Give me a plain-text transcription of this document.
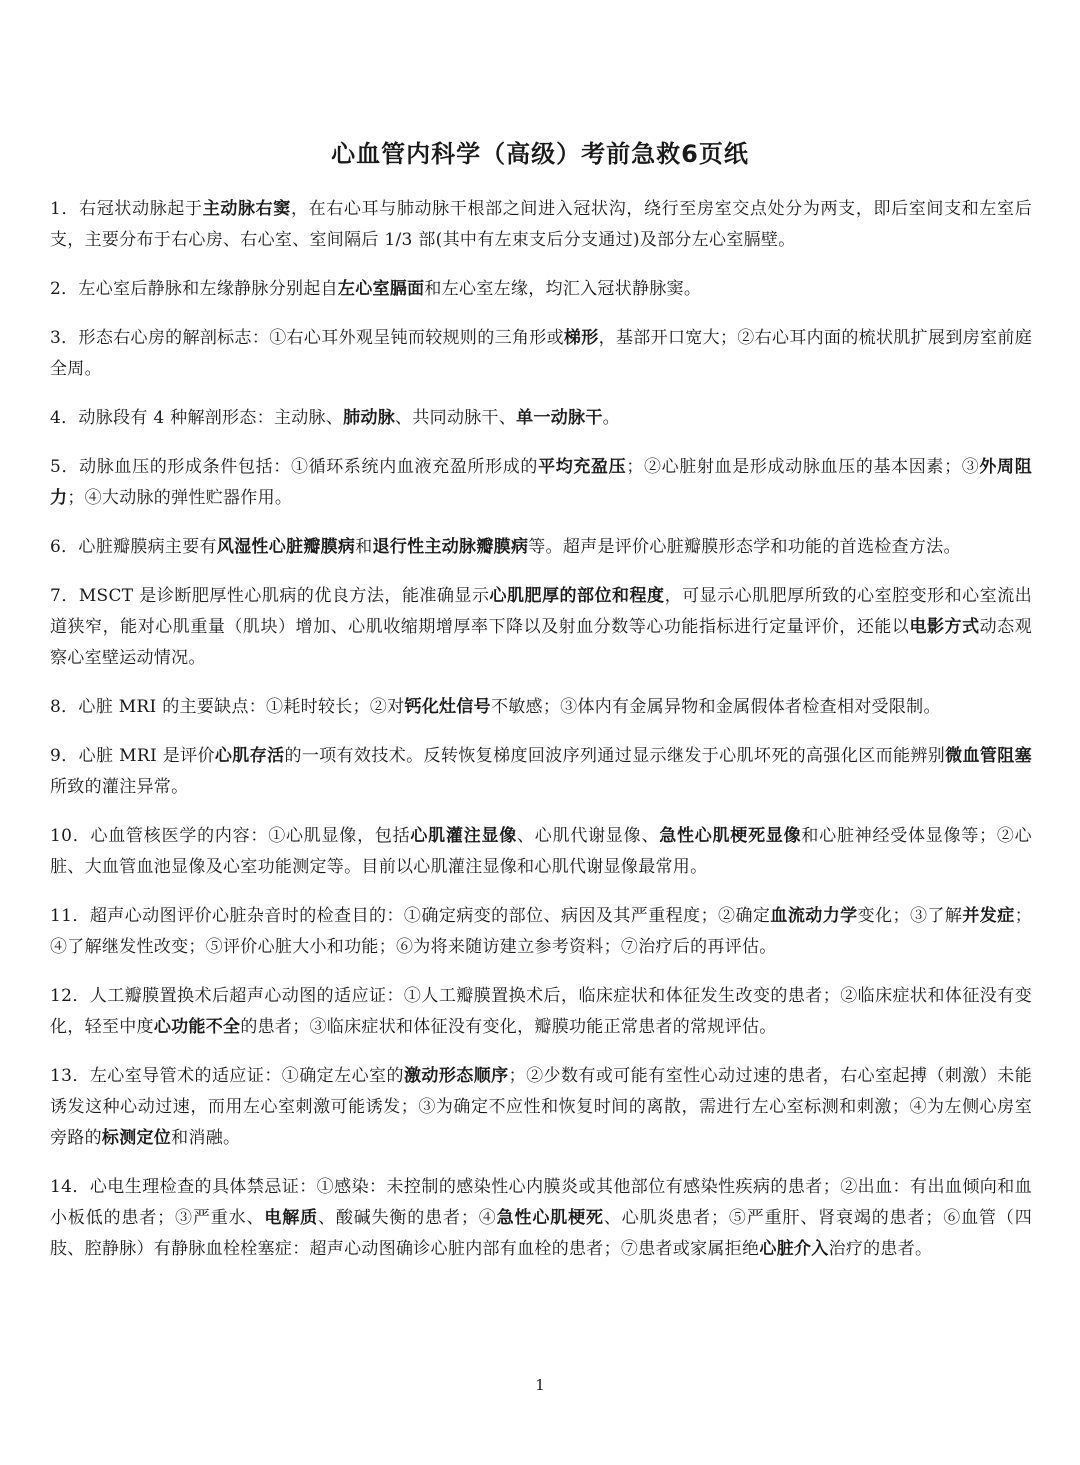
心血管内科学（高级）考前急救6页纸

1．右冠状动脉起于主动脉右窦，在右心耳与肺动脉干根部之间进入冠状沟，绕行至房室交点处分为两支，即后室间支和左室后支，主要分布于右心房、右心室、室间隔后 1/3 部(其中有左束支后分支通过)及部分左心室膈壁。

2．左心室后静脉和左缘静脉分别起自左心室膈面和左心室左缘，均汇入冠状静脉窦。

3．形态右心房的解剖标志：①右心耳外观呈钝而较规则的三角形或梯形，基部开口宽大；②右心耳内面的梳状肌扩展到房室前庭全周。

4．动脉段有 4 种解剖形态：主动脉、肺动脉、共同动脉干、单一动脉干。

5．动脉血压的形成条件包括：①循环系统内血液充盈所形成的平均充盈压；②心脏射血是形成动脉血压的基本因素；③外周阻力；④大动脉的弹性贮器作用。

6．心脏瓣膜病主要有风湿性心脏瓣膜病和退行性主动脉瓣膜病等。超声是评价心脏瓣膜形态学和功能的首选检查方法。

7．MSCT 是诊断肥厚性心肌病的优良方法，能准确显示心肌肥厚的部位和程度，可显示心肌肥厚所致的心室腔变形和心室流出道狭窄，能对心肌重量（肌块）增加、心肌收缩期增厚率下降以及射血分数等心功能指标进行定量评价，还能以电影方式动态观察心室壁运动情况。

8．心脏 MRI 的主要缺点：①耗时较长；②对钙化灶信号不敏感；③体内有金属异物和金属假体者检查相对受限制。

9．心脏 MRI 是评价心肌存活的一项有效技术。反转恢复梯度回波序列通过显示继发于心肌坏死的高强化区而能辨别微血管阻塞所致的灌注异常。

10．心血管核医学的内容：①心肌显像，包括心肌灌注显像、心肌代谢显像、急性心肌梗死显像和心脏神经受体显像等；②心脏、大血管血池显像及心室功能测定等。目前以心肌灌注显像和心肌代谢显像最常用。

11．超声心动图评价心脏杂音时的检查目的：①确定病变的部位、病因及其严重程度；②确定血流动力学变化；③了解并发症；④了解继发性改变；⑤评价心脏大小和功能；⑥为将来随访建立参考资料；⑦治疗后的再评估。

12．人工瓣膜置换术后超声心动图的适应证：①人工瓣膜置换术后，临床症状和体征发生改变的患者；②临床症状和体征没有变化，轻至中度心功能不全的患者；③临床症状和体征没有变化，瓣膜功能正常患者的常规评估。

13．左心室导管术的适应证：①确定左心室的激动形态顺序；②少数有或可能有室性心动过速的患者，右心室起搏（刺激）未能诱发这种心动过速，而用左心室刺激可能诱发；③为确定不应性和恢复时间的离散，需进行左心室标测和刺激；④为左侧心房室旁路的标测定位和消融。

14．心电生理检查的具体禁忌证：①感染：未控制的感染性心内膜炎或其他部位有感染性疾病的患者；②出血：有出血倾向和血小板低的患者；③严重水、电解质、酸碱失衡的患者；④急性心肌梗死、心肌炎患者；⑤严重肝、肾衰竭的患者；⑥血管（四肢、腔静脉）有静脉血栓栓塞症：超声心动图确诊心脏内部有血栓的患者；⑦患者或家属拒绝心脏介入治疗的患者。

1
